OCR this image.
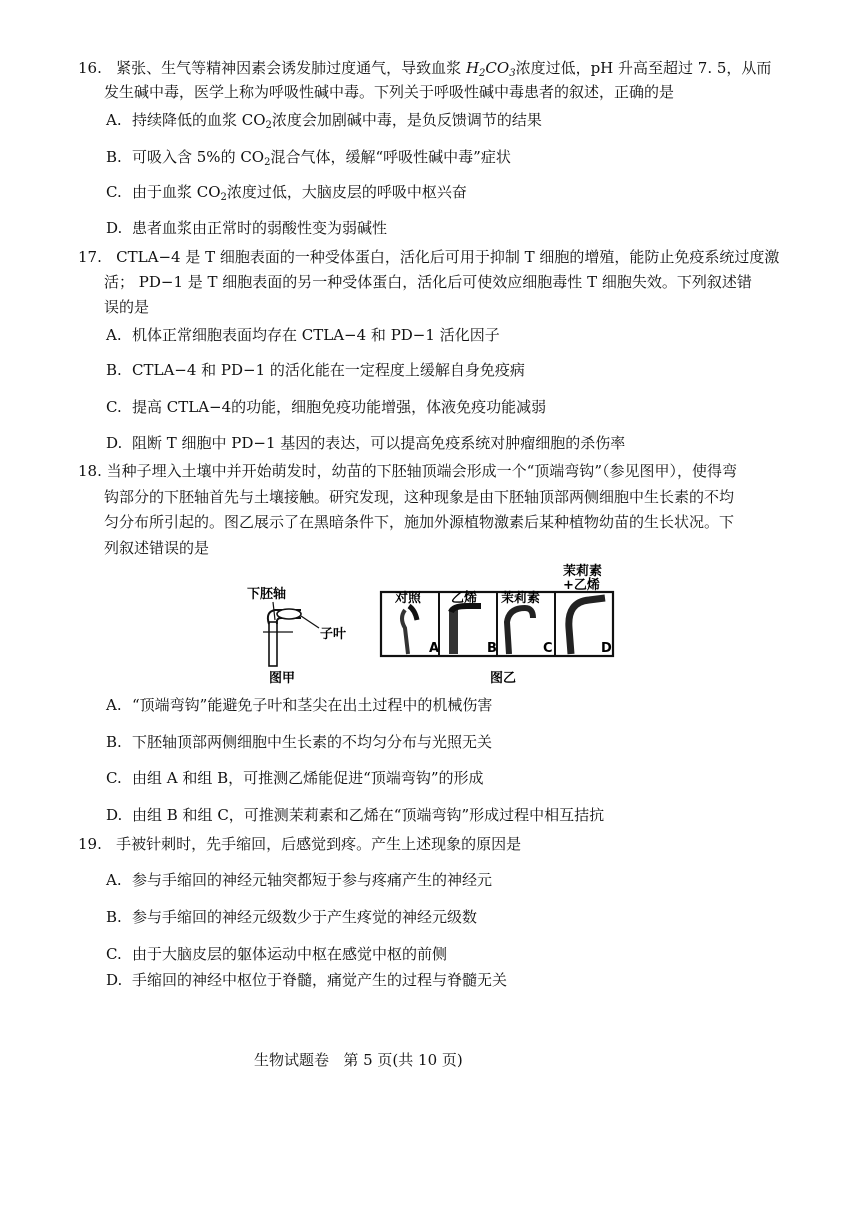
16. 紧张、生气等精神因素会诱发肺过度通气，导致血浆 $H_2CO_3$浓度过低，pH 升高至超过 7. 5，从而
发生碱中毒，医学上称为呼吸性碱中毒。下列关于呼吸性碱中毒患者的叙述，正确的是
A. 持续降低的血浆 $CO_2$浓度会加剧碱中毒，是负反馈调节的结果
B. 可吸入含 5%的 $CO_2$混合气体，缓解“呼吸性碱中毒”症状
C. 由于血浆 $CO_2$浓度过低，大脑皮层的呼吸中枢兴奋
D. 患者血浆由正常时的弱酸性变为弱碱性
17. CTLA−4 是 T 细胞表面的一种受体蛋白，活化后可用于抑制 T 细胞的增殖，能防止免疫系统过度激
活； PD−1 是 T 细胞表面的另一种受体蛋白，活化后可使效应细胞毒性 T 细胞失效。下列叙述错
误的是
A. 机体正常细胞表面均存在 CTLA−4 和 PD−1 活化因子
B. CTLA−4 和 PD−1 的活化能在一定程度上缓解自身免疫病
C. 提高 CTLA−4的功能，细胞免疫功能增强，体液免疫功能减弱
D. 阻断 T 细胞中 PD−1 基因的表达，可以提高免疫系统对肿瘤细胞的杀伤率
18. 当种子埋入土壤中并开始萌发时，幼苗的下胚轴顶端会形成一个“顶端弯钩”（参见图甲），使得弯
钩部分的下胚轴首先与土壤接触。研究发现，这种现象是由下胚轴顶部两侧细胞中生长素的不均
匀分布所引起的。图乙展示了在黑暗条件下，施加外源植物激素后某种植物幼苗的生长状况。下
列叙述错误的是
下胚轴
子叶
图甲
对照
A
乙烯
B
茉莉素
C
茉莉素
+乙烯
D
图乙
A. “顶端弯钩”能避免子叶和茎尖在出土过程中的机械伤害
B. 下胚轴顶部两侧细胞中生长素的不均匀分布与光照无关
C. 由组 A 和组 B，可推测乙烯能促进“顶端弯钩”的形成
D. 由组 B 和组 C，可推测茉莉素和乙烯在“顶端弯钩”形成过程中相互拮抗
19. 手被针刺时，先手缩回，后感觉到疼。产生上述现象的原因是
A. 参与手缩回的神经元轴突都短于参与疼痛产生的神经元
B. 参与手缩回的神经元级数少于产生疼觉的神经元级数
C. 由于大脑皮层的躯体运动中枢在感觉中枢的前侧
D. 手缩回的神经中枢位于脊髓，痛觉产生的过程与脊髓无关
生物试题卷 第 5 页(共 10 页)
